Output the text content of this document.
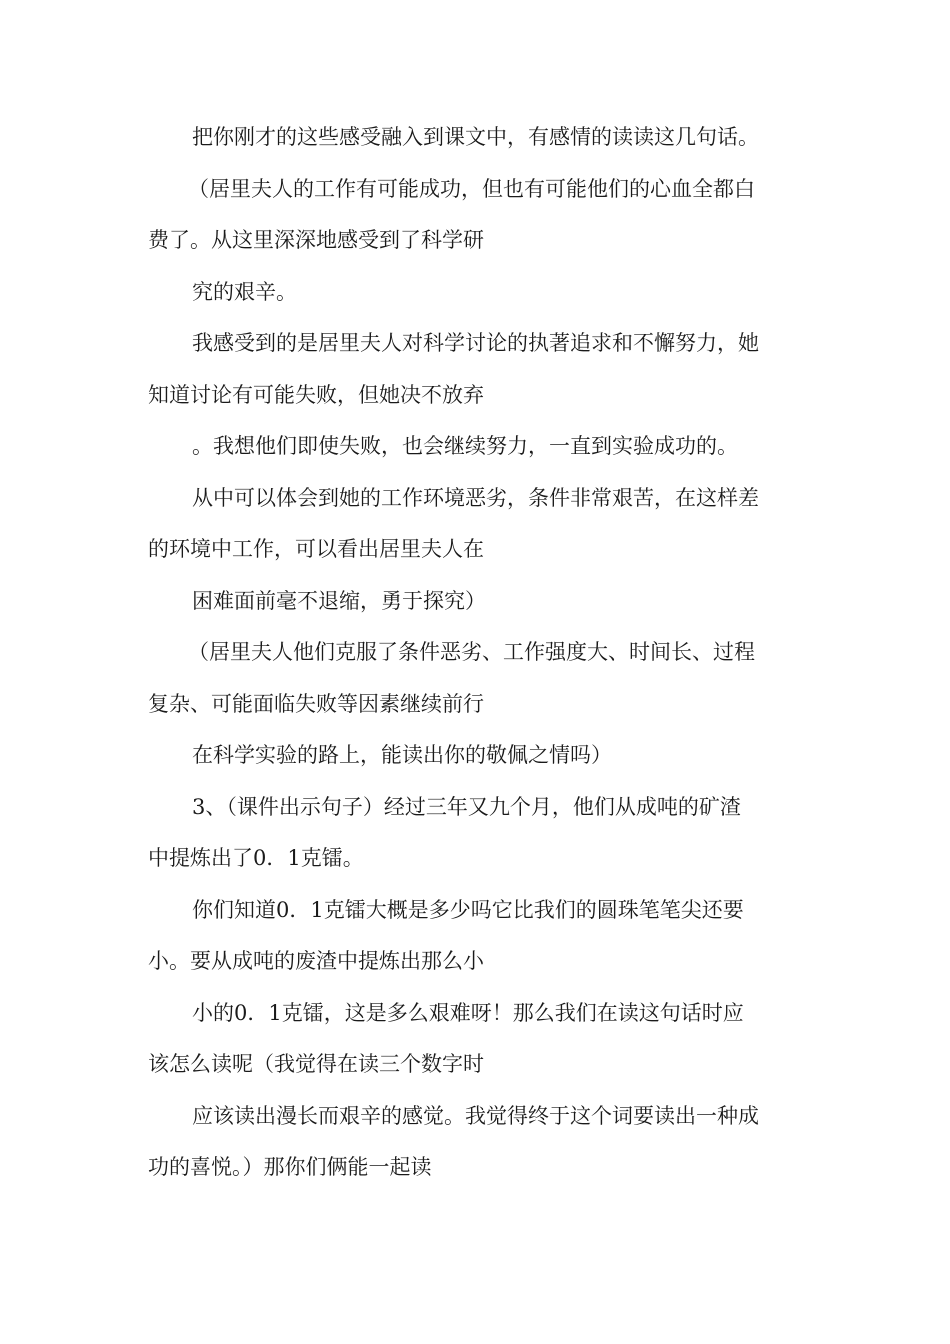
把你刚才的这些感受融入到课文中，有感情的读读这几句话。
（居里夫人的工作有可能成功，但也有可能他们的心血全都白
费了。从这里深深地感受到了科学研
究的艰辛。
我感受到的是居里夫人对科学讨论的执著追求和不懈努力，她
知道讨论有可能失败，但她决不放弃
。我想他们即使失败，也会继续努力，一直到实验成功的。
从中可以体会到她的工作环境恶劣，条件非常艰苦，在这样差
的环境中工作，可以看出居里夫人在
困难面前毫不退缩，勇于探究）
（居里夫人他们克服了条件恶劣、工作强度大、时间长、过程
复杂、可能面临失败等因素继续前行
在科学实验的路上，能读出你的敬佩之情吗）
3、（课件出示句子）经过三年又九个月，他们从成吨的矿渣
中提炼出了0．1克镭。
你们知道0．1克镭大概是多少吗它比我们的圆珠笔笔尖还要
小。要从成吨的废渣中提炼出那么小
小的0．1克镭，这是多么艰难呀！那么我们在读这句话时应
该怎么读呢（我觉得在读三个数字时
应该读出漫长而艰辛的感觉。我觉得终于这个词要读出一种成
功的喜悦。）那你们俩能一起读
